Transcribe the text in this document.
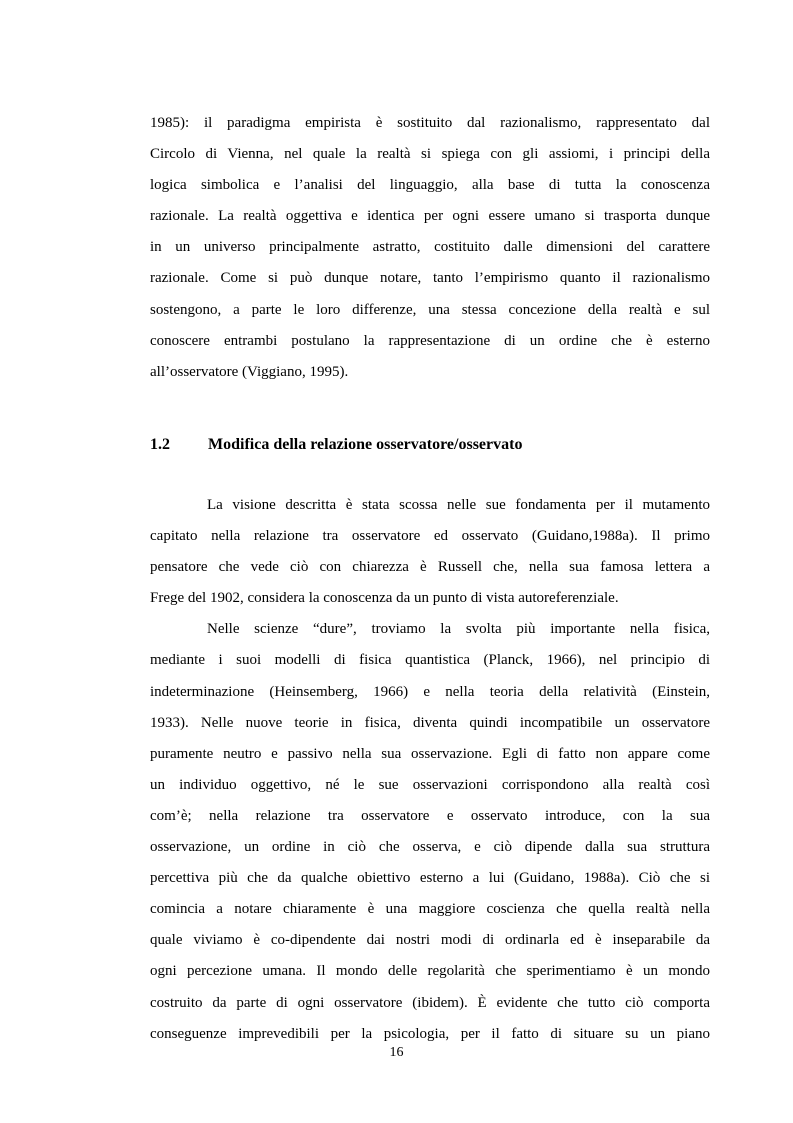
1985): il paradigma empirista è sostituito dal razionalismo, rappresentato dal
Circolo di Vienna, nel quale la realtà si spiega con gli assiomi, i principi della
logica simbolica e l’analisi del linguaggio, alla base di tutta la conoscenza
razionale. La realtà oggettiva e identica per ogni essere umano si trasporta dunque
in un universo principalmente astratto, costituito dalle dimensioni del carattere
razionale. Come si può dunque notare, tanto l’empirismo quanto il razionalismo
sostengono, a parte le loro differenze, una stessa concezione della realtà e sul
conoscere entrambi postulano la rappresentazione di un ordine che è esterno
all’osservatore (Viggiano, 1995).
1.2 Modifica della relazione osservatore/osservato
La visione descritta è stata scossa nelle sue fondamenta per il mutamento
capitato nella relazione tra osservatore ed osservato (Guidano,1988a). Il primo
pensatore che vede ciò con chiarezza è Russell che, nella sua famosa lettera a
Frege del 1902, considera la conoscenza da un punto di vista autoreferenziale.
Nelle scienze “dure”, troviamo la svolta più importante nella fisica,
mediante i suoi modelli di fisica quantistica (Planck, 1966), nel principio di
indeterminazione (Heinsemberg, 1966) e nella teoria della relatività (Einstein,
1933). Nelle nuove teorie in fisica, diventa quindi incompatibile un osservatore
puramente neutro e passivo nella sua osservazione. Egli di fatto non appare come
un individuo oggettivo, né le sue osservazioni corrispondono alla realtà così
com’è; nella relazione tra osservatore e osservato introduce, con la sua
osservazione, un ordine in ciò che osserva, e ciò dipende dalla sua struttura
percettiva più che da qualche obiettivo esterno a lui (Guidano, 1988a). Ciò che si
comincia a notare chiaramente è una maggiore coscienza che quella realtà nella
quale viviamo è co-dipendente dai nostri modi di ordinarla ed è inseparabile da
ogni percezione umana. Il mondo delle regolarità che sperimentiamo è un mondo
costruito da parte di ogni osservatore (ibidem). È evidente che tutto ciò comporta
conseguenze imprevedibili per la psicologia, per il fatto di situare su un piano
16
